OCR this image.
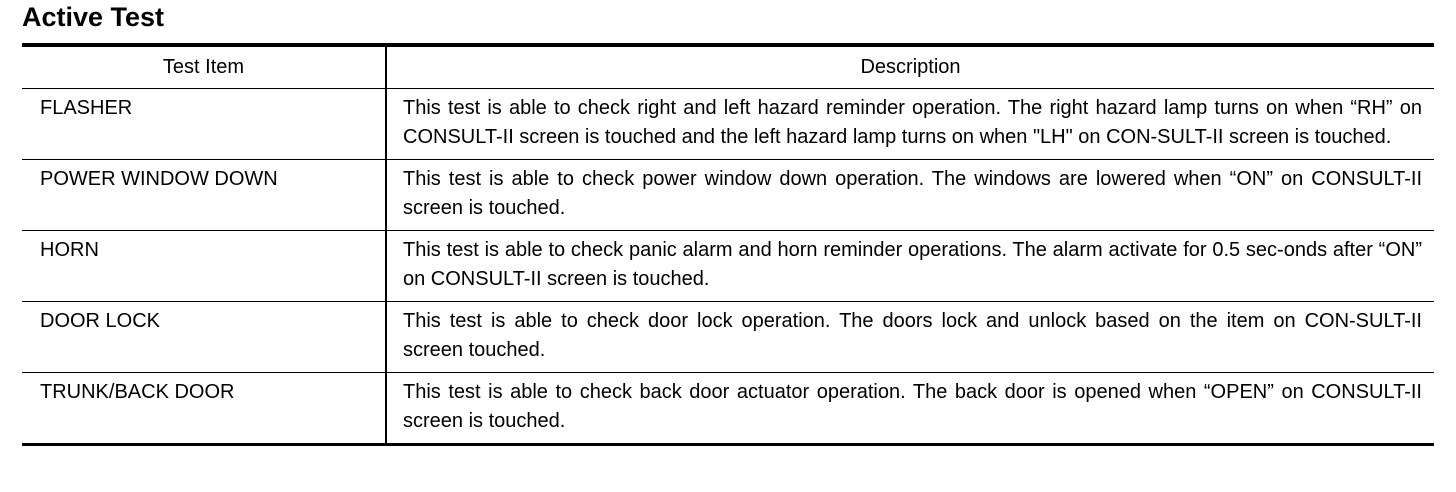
Active Test
Test Item	Description
FLASHER	This test is able to check right and left hazard reminder operation. The right hazard lamp turns on when “RH” on CONSULT-II screen is touched and the left hazard lamp turns on when "LH" on CON-SULT-II screen is touched.
POWER WINDOW DOWN	This test is able to check power window down operation. The windows are lowered when “ON” on CONSULT-II screen is touched.
HORN	This test is able to check panic alarm and horn reminder operations. The alarm activate for 0.5 sec-onds after “ON” on CONSULT-II screen is touched.
DOOR LOCK	This test is able to check door lock operation. The doors lock and unlock based on the item on CON-SULT-II screen touched.
TRUNK/BACK DOOR	This test is able to check back door actuator operation. The back door is opened when “OPEN” on CONSULT-II screen is touched.
